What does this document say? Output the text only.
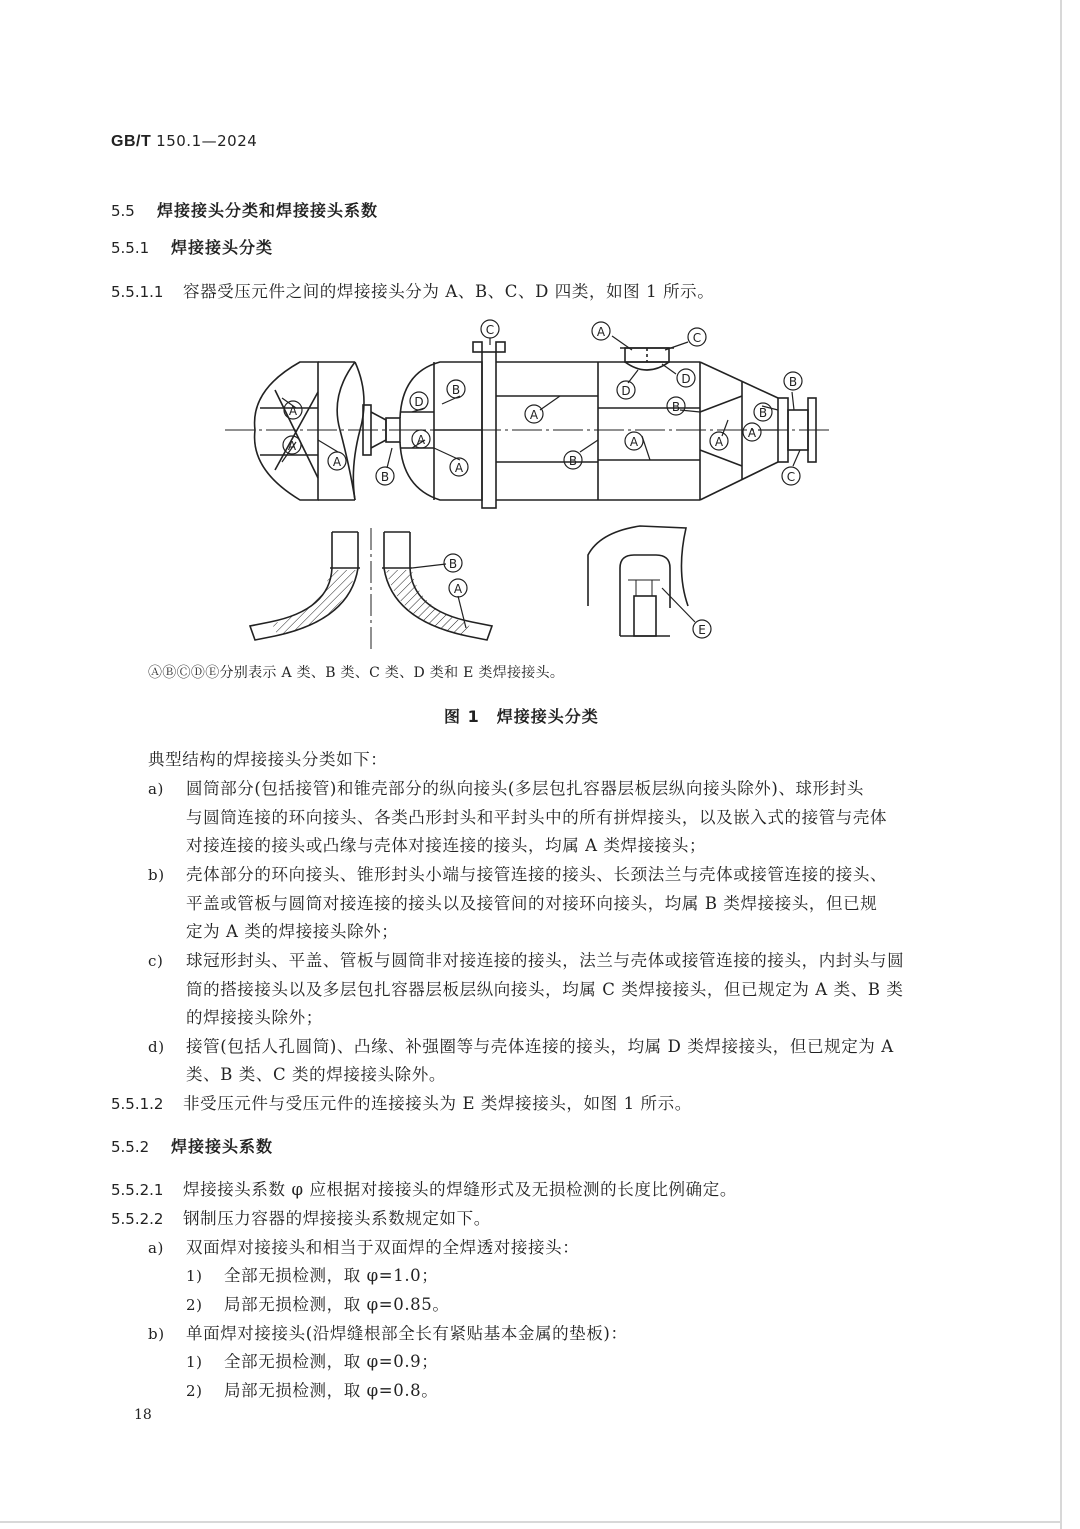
GB/T 150.1—2024
5.5 焊接接头分类和焊接接头系数
5.5.1 焊接接头分类
5.5.1.1 容器受压元件之间的焊接接头分为 A、B、C、D 四类，如图 1 所示。
C	A	C
D
D
B
D
A
A
B
A
B
A
B
A
A
B
B
C
A
A
A
B
A
E
ⒶⒷⒸⒹⒺ分别表示 A 类、B 类、C 类、D 类和 E 类焊接接头。
图 1　焊接接头分类
典型结构的焊接接头分类如下：
a) 圆筒部分(包括接管)和锥壳部分的纵向接头(多层包扎容器层板层纵向接头除外)、球形封头
与圆筒连接的环向接头、各类凸形封头和平封头中的所有拼焊接头，以及嵌入式的接管与壳体
对接连接的接头或凸缘与壳体对接连接的接头，均属 A 类焊接接头；
b) 壳体部分的环向接头、锥形封头小端与接管连接的接头、长颈法兰与壳体或接管连接的接头、
平盖或管板与圆筒对接连接的接头以及接管间的对接环向接头，均属 B 类焊接接头，但已规
定为 A 类的焊接接头除外；
c) 球冠形封头、平盖、管板与圆筒非对接连接的接头，法兰与壳体或接管连接的接头，内封头与圆
筒的搭接接头以及多层包扎容器层板层纵向接头，均属 C 类焊接接头，但已规定为 A 类、B 类
的焊接接头除外；
d) 接管(包括人孔圆筒)、凸缘、补强圈等与壳体连接的接头，均属 D 类焊接接头，但已规定为 A
类、B 类、C 类的焊接接头除外。
5.5.1.2 非受压元件与受压元件的连接接头为 E 类焊接接头，如图 1 所示。
5.5.2 焊接接头系数
5.5.2.1 焊接接头系数 φ 应根据对接接头的焊缝形式及无损检测的长度比例确定。
5.5.2.2 钢制压力容器的焊接接头系数规定如下。
a) 双面焊对接接头和相当于双面焊的全焊透对接接头：
1) 全部无损检测，取 φ=1.0；
2) 局部无损检测，取 φ=0.85。
b) 单面焊对接接头(沿焊缝根部全长有紧贴基本金属的垫板)：
1) 全部无损检测，取 φ=0.9；
2) 局部无损检测，取 φ=0.8。
18
